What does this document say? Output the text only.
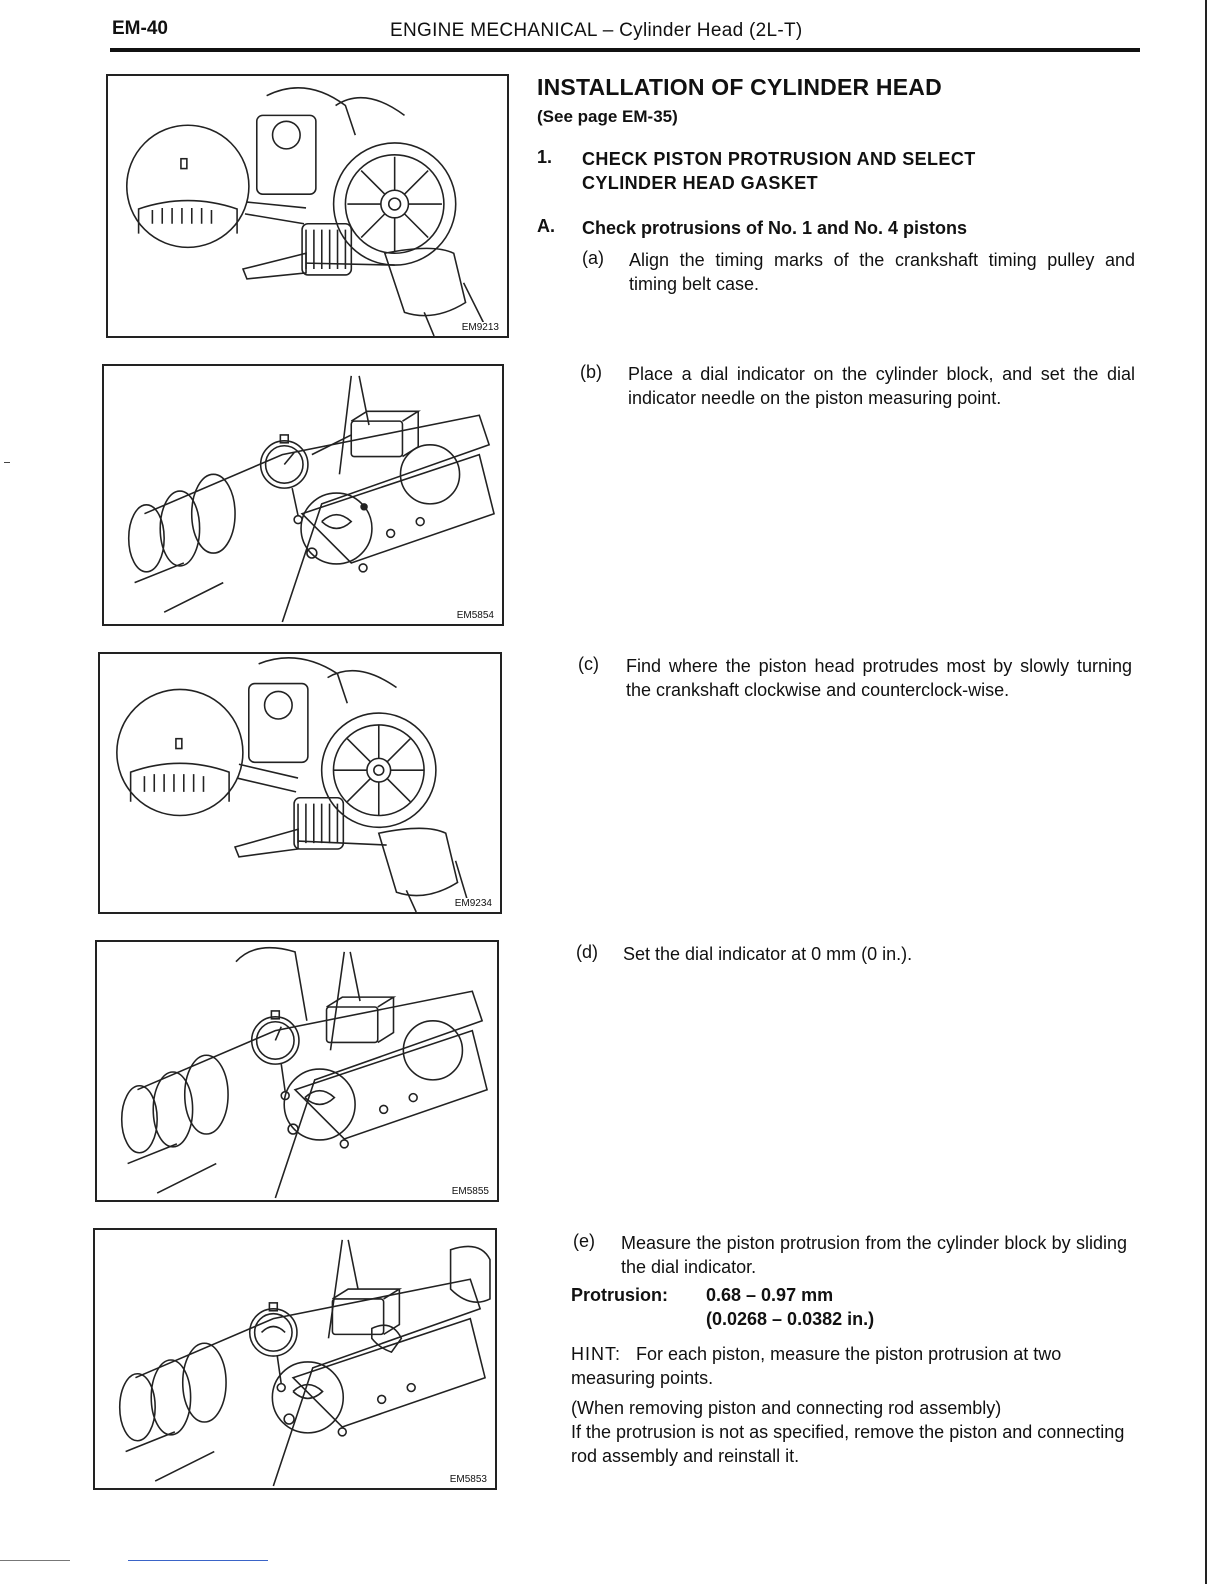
EM-40	ENGINE MECHANICAL – Cylinder Head (2L-T)
EM9213
EM5854
EM9234
EM5855
EM5853
INSTALLATION OF CYLINDER HEAD
(See page EM-35)
1. CHECK PISTON PROTRUSION AND SELECT
CYLINDER HEAD GASKET
A. Check protrusions of No. 1 and No. 4 pistons
(a) Align the timing marks of the crankshaft timing pulley and timing belt case.
(b) Place a dial indicator on the cylinder block, and set the dial indicator needle on the piston measuring point.
(c) Find where the piston head protrudes most by slowly turning the crankshaft clockwise and counterclock-wise.
(d) Set the dial indicator at 0 mm (0 in.).
(e) Measure the piston protrusion from the cylinder block by sliding the dial indicator.
Protrusion: 0.68 – 0.97 mm
(0.0268 – 0.0382 in.)
HINT: For each piston, measure the piston protrusion at two measuring points.
(When removing piston and connecting rod assembly)
If the protrusion is not as specified, remove the piston and connecting rod assembly and reinstall it.
